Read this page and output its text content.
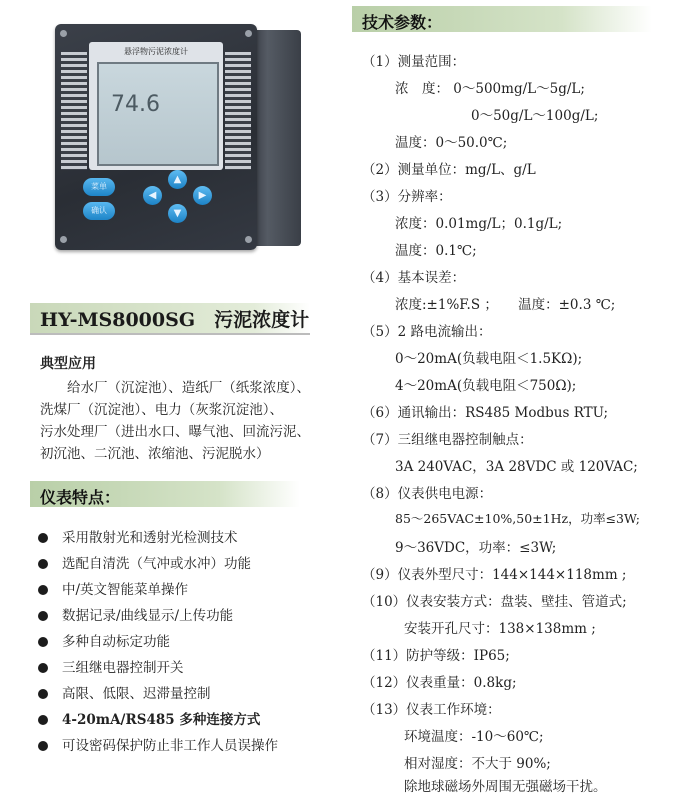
悬浮物污泥浓度计
74.6
菜单
确认
▲
◀	▶
▼
HY-MS8000SG　污泥浓度计
典型应用
　　给水厂（沉淀池）、造纸厂（纸浆浓度）、
洗煤厂（沉淀池）、电力（灰浆沉淀池）、
污水处理厂（进出水口、曝气池、回流污泥、
初沉池、二沉池、浓缩池、污泥脱水）
仪表特点：
采用散射光和透射光检测技术
选配自清洗（气冲或水冲）功能
中/英文智能菜单操作
数据记录/曲线显示/上传功能
多种自动标定功能
三组继电器控制开关
高限、低限、迟滞量控制
4-20mA/RS485 多种连接方式
可设密码保护防止非工作人员误操作
技术参数：
（1）测量范围：
浓　度： 0～500mg/L～5g/L;
0～50g/L～100g/L;
温度：0～50.0℃;
（2）测量单位：mg/L、g/L
（3）分辨率：
浓度：0.01mg/L；0.1g/L;
温度：0.1℃;
（4）基本误差：
浓度:±1%F.S ；　　温度：±0.3 ℃;
（5）2 路电流输出：
0～20mA(负载电阻＜1.5KΩ);
4～20mA(负载电阻＜750Ω);
（6）通讯输出：RS485 Modbus RTU;
（7）三组继电器控制触点：
3A 240VAC，3A 28VDC 或 120VAC;
（8）仪表供电电源：
85～265VAC±10%,50±1Hz，功率≤3W;
9～36VDC，功率：≤3W;
（9）仪表外型尺寸：144×144×118mm ;
（10）仪表安装方式：盘装、壁挂、管道式;
安装开孔尺寸：138×138mm ;
（11）防护等级：IP65;
（12）仪表重量：0.8kg;
（13）仪表工作环境：
环境温度：-10～60℃;
相对湿度：不大于 90%;
除地球磁场外周围无强磁场干扰。
